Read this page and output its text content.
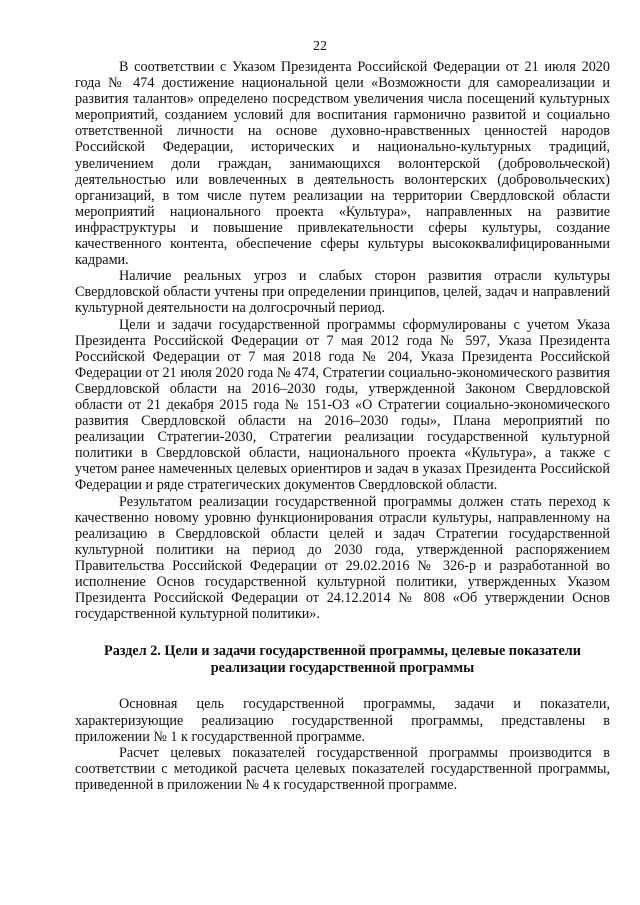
22

В соответствии с Указом Президента Российской Федерации от 21 июля 2020 года № 474 достижение национальной цели «Возможности для самореализации и развития талантов» определено посредством увеличения числа посещений культурных мероприятий, созданием условий для воспитания гармонично развитой и социально ответственной личности на основе духовно-нравственных ценностей народов Российской Федерации, исторических и национально-культурных традиций, увеличением доли граждан, занимающихся волонтерской (добровольческой) деятельностью или вовлеченных в деятельность волонтерских (добровольческих) организаций, в том числе путем реализации на территории Свердловской области мероприятий национального проекта «Культура», направленных на развитие инфраструктуры и повышение привлекательности сферы культуры, создание качественного контента, обеспечение сферы культуры высококвалифицированными кадрами.

Наличие реальных угроз и слабых сторон развития отрасли культуры Свердловской области учтены при определении принципов, целей, задач и направлений культурной деятельности на долгосрочный период.

Цели и задачи государственной программы сформулированы с учетом Указа Президента Российской Федерации от 7 мая 2012 года № 597, Указа Президента Российской Федерации от 7 мая 2018 года № 204, Указа Президента Российской Федерации от 21 июля 2020 года № 474, Стратегии социально-экономического развития Свердловской области на 2016–2030 годы, утвержденной Законом Свердловской области от 21 декабря 2015 года № 151-ОЗ «О Стратегии социально-экономического развития Свердловской области на 2016–2030 годы», Плана мероприятий по реализации Стратегии-2030, Стратегии реализации государственной культурной политики в Свердловской области, национального проекта «Культура», а также с учетом ранее намеченных целевых ориентиров и задач в указах Президента Российской Федерации и ряде стратегических документов Свердловской области.

Результатом реализации государственной программы должен стать переход к качественно новому уровню функционирования отрасли культуры, направленному на реализацию в Свердловской области целей и задач Стратегии государственной культурной политики на период до 2030 года, утвержденной распоряжением Правительства Российской Федерации от 29.02.2016 № 326-р и разработанной во исполнение Основ государственной культурной политики, утвержденных Указом Президента Российской Федерации от 24.12.2014 № 808 «Об утверждении Основ государственной культурной политики».

Раздел 2. Цели и задачи государственной программы, целевые показатели реализации государственной программы

Основная цель государственной программы, задачи и показатели, характеризующие реализацию государственной программы, представлены в приложении № 1 к государственной программе.

Расчет целевых показателей государственной программы производится в соответствии с методикой расчета целевых показателей государственной программы, приведенной в приложении № 4 к государственной программе.
